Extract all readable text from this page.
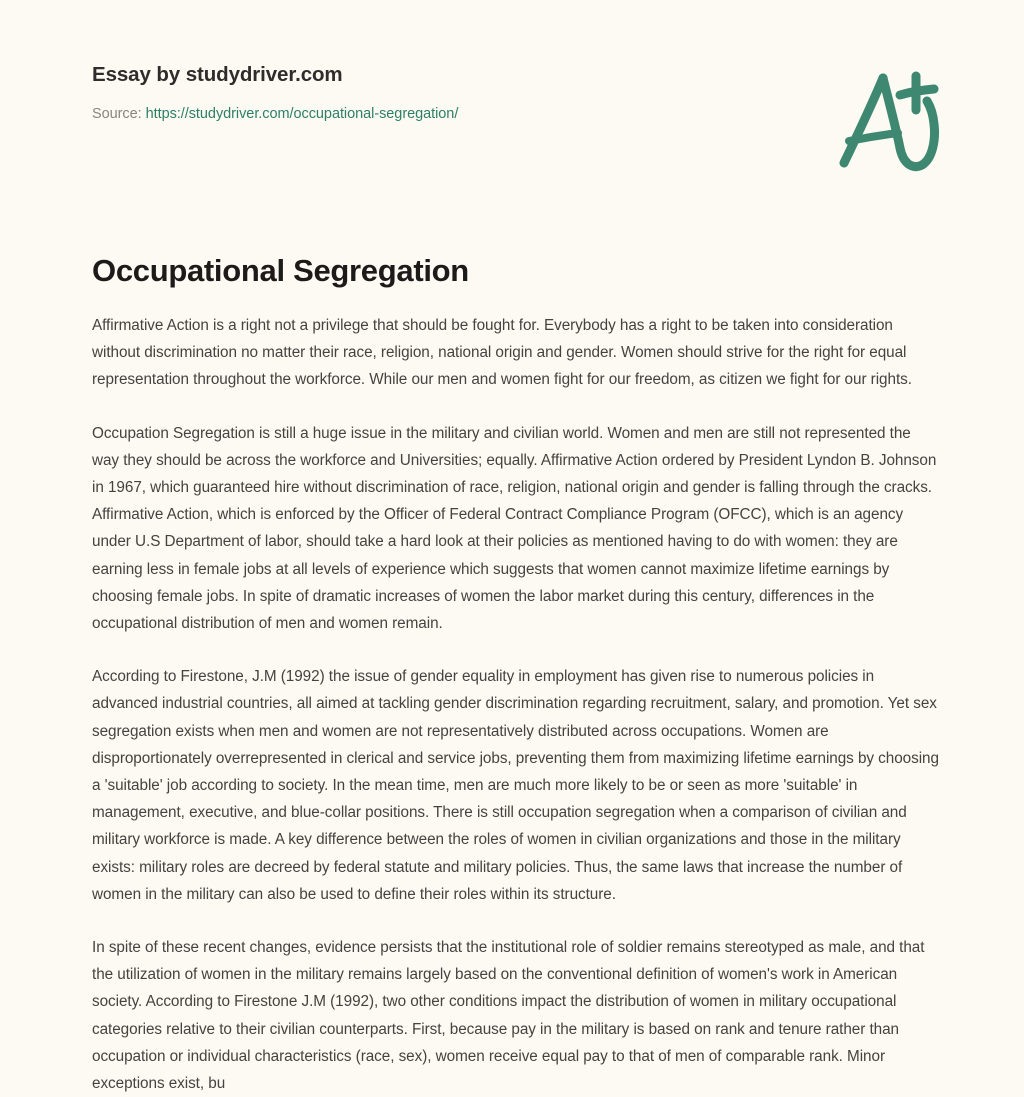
Essay by studydriver.com
Source: https://studydriver.com/occupational-segregation/
Occupational Segregation

Affirmative Action is a right not a privilege that should be fought for. Everybody has a right to be taken into consideration without discrimination no matter their race, religion, national origin and gender. Women should strive for the right for equal representation throughout the workforce. While our men and women fight for our freedom, as citizen we fight for our rights.

Occupation Segregation is still a huge issue in the military and civilian world. Women and men are still not represented the way they should be across the workforce and Universities; equally. Affirmative Action ordered by President Lyndon B. Johnson in 1967, which guaranteed hire without discrimination of race, religion, national origin and gender is falling through the cracks. Affirmative Action, which is enforced by the Officer of Federal Contract Compliance Program (OFCC), which is an agency under U.S Department of labor, should take a hard look at their policies as mentioned having to do with women: they are earning less in female jobs at all levels of experience which suggests that women cannot maximize lifetime earnings by choosing female jobs. In spite of dramatic increases of women the labor market during this century, differences in the occupational distribution of men and women remain.

According to Firestone, J.M (1992) the issue of gender equality in employment has given rise to numerous policies in advanced industrial countries, all aimed at tackling gender discrimination regarding recruitment, salary, and promotion. Yet sex segregation exists when men and women are not representatively distributed across occupations. Women are disproportionately overrepresented in clerical and service jobs, preventing them from maximizing lifetime earnings by choosing a 'suitable' job according to society. In the mean time, men are much more likely to be or seen as more 'suitable' in management, executive, and blue-collar positions. There is still occupation segregation when a comparison of civilian and military workforce is made. A key difference between the roles of women in civilian organizations and those in the military exists: military roles are decreed by federal statute and military policies. Thus, the same laws that increase the number of women in the military can also be used to define their roles within its structure.

In spite of these recent changes, evidence persists that the institutional role of soldier remains stereotyped as male, and that the utilization of women in the military remains largely based on the conventional definition of women's work in American society. According to Firestone J.M (1992), two other conditions impact the distribution of women in military occupational categories relative to their civilian counterparts. First, because pay in the military is based on rank and tenure rather than occupation or individual characteristics (race, sex), women receive equal pay to that of men of comparable rank. Minor exceptions exist, bu
